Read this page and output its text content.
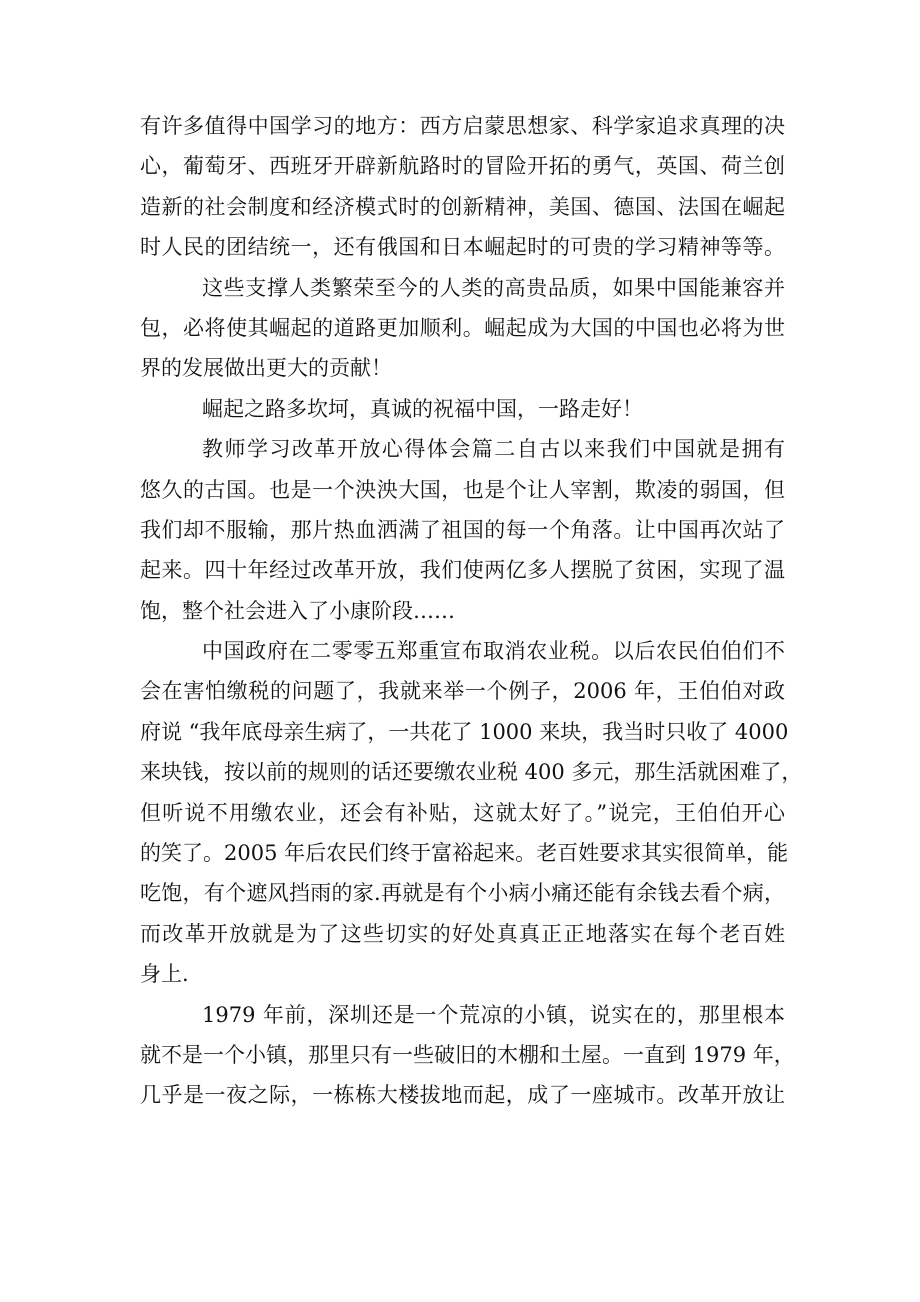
有许多值得中国学习的地方：西方启蒙思想家、科学家追求真理的决
心，葡萄牙、西班牙开辟新航路时的冒险开拓的勇气，英国、荷兰创
造新的社会制度和经济模式时的创新精神，美国、德国、法国在崛起
时人民的团结统一，还有俄国和日本崛起时的可贵的学习精神等等。
这些支撑人类繁荣至今的人类的高贵品质，如果中国能兼容并
包，必将使其崛起的道路更加顺利。崛起成为大国的中国也必将为世
界的发展做出更大的贡献！
崛起之路多坎坷，真诚的祝福中国，一路走好！
教师学习改革开放心得体会篇二自古以来我们中国就是拥有
悠久的古国。也是一个泱泱大国，也是个让人宰割，欺凌的弱国，但
我们却不服输，那片热血洒满了祖国的每一个角落。让中国再次站了
起来。四十年经过改革开放，我们使两亿多人摆脱了贫困，实现了温
饱，整个社会进入了小康阶段……
中国政府在二零零五郑重宣布取消农业税。以后农民伯伯们不
会在害怕缴税的问题了，我就来举一个例子，2006 年，王伯伯对政
府说 “我年底母亲生病了，一共花了 1000 来块，我当时只收了 4000
来块钱，按以前的规则的话还要缴农业税 400 多元，那生活就困难了，
但听说不用缴农业，还会有补贴，这就太好了。”说完，王伯伯开心
的笑了。2005 年后农民们终于富裕起来。老百姓要求其实很简单，能
吃饱，有个遮风挡雨的家.再就是有个小病小痛还能有余钱去看个病，
而改革开放就是为了这些切实的好处真真正正地落实在每个老百姓
身上.
1979 年前，深圳还是一个荒凉的小镇，说实在的，那里根本
就不是一个小镇，那里只有一些破旧的木棚和土屋。一直到 1979 年，
几乎是一夜之际，一栋栋大楼拔地而起，成了一座城市。改革开放让
